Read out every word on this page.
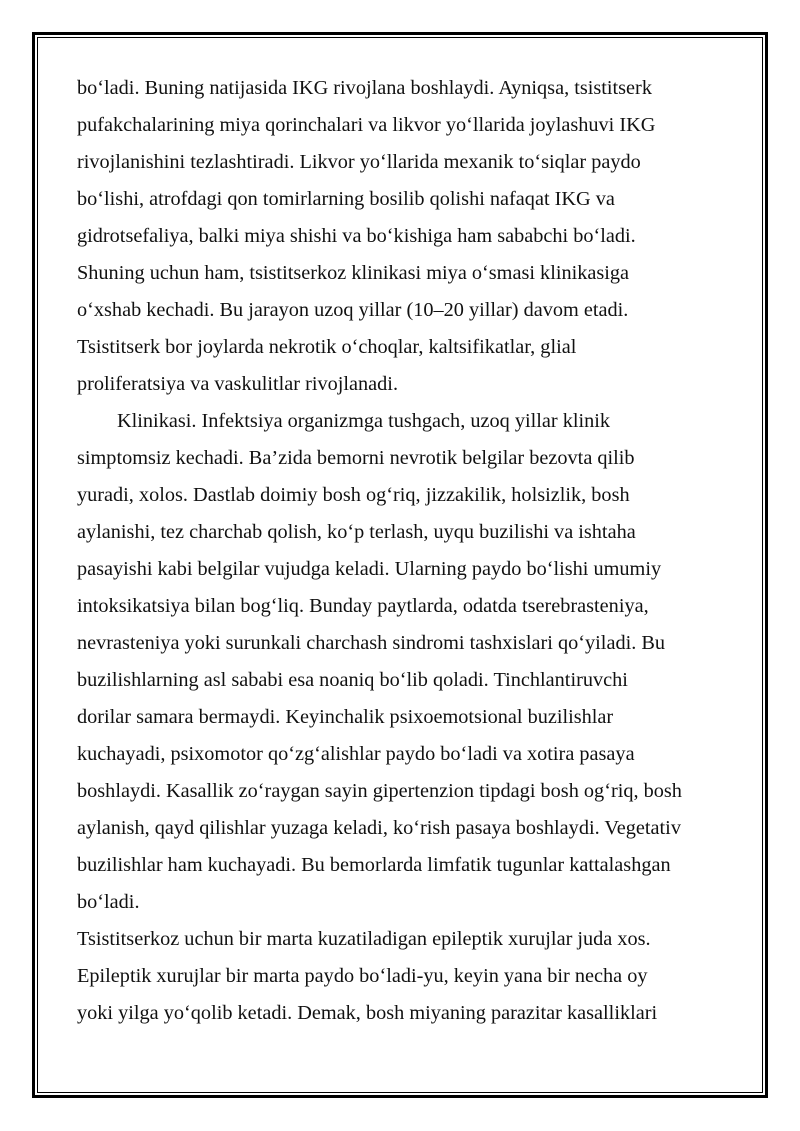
bo‘ladi. Buning natijasida IKG rivojlana boshlaydi. Ayniqsa, tsistitserk
pufakchalarining miya qorinchalari va likvor yo‘llarida joylashuvi IKG
rivojlanishini tezlashtiradi. Likvor yo‘llarida mexanik to‘siqlar paydo
bo‘lishi, atrofdagi qon tomirlarning bosilib qolishi nafaqat IKG va
gidrotsefaliya, balki miya shishi va bo‘kishiga ham sababchi bo‘ladi.
Shuning uchun ham, tsistitserkoz klinikasi miya o‘smasi klinikasiga
o‘xshab kechadi. Bu jarayon uzoq yillar (10–20 yillar) davom etadi.
Tsistitserk bor joylarda nekrotik o‘choqlar, kaltsifikatlar, glial
proliferatsiya va vaskulitlar rivojlanadi.
Klinikasi. Infektsiya organizmga tushgach, uzoq yillar klinik
simptomsiz kechadi. Ba’zida bemorni nevrotik belgilar bezovta qilib
yuradi, xolos. Dastlab doimiy bosh og‘riq, jizzakilik, holsizlik, bosh
aylanishi, tez charchab qolish, ko‘p terlash, uyqu buzilishi va ishtaha
pasayishi kabi belgilar vujudga keladi. Ularning paydo bo‘lishi umumiy
intoksikatsiya bilan bog‘liq. Bunday paytlarda, odatda tserebrasteniya,
nevrasteniya yoki surunkali charchash sindromi tashxislari qo‘yiladi. Bu
buzilishlarning asl sababi esa noaniq bo‘lib qoladi. Tinchlantiruvchi
dorilar samara bermaydi. Keyinchalik psixoemotsional buzilishlar
kuchayadi, psixomotor qo‘zg‘alishlar paydo bo‘ladi va xotira pasaya
boshlaydi. Kasallik zo‘raygan sayin gipertenzion tipdagi bosh og‘riq, bosh
aylanish, qayd qilishlar yuzaga keladi, ko‘rish pasaya boshlaydi. Vegetativ
buzilishlar ham kuchayadi. Bu bemorlarda limfatik tugunlar kattalashgan
bo‘ladi.
Tsistitserkoz uchun bir marta kuzatiladigan epileptik xurujlar juda xos.
Epileptik xurujlar bir marta paydo bo‘ladi-yu, keyin yana bir necha oy
yoki yilga yo‘qolib ketadi. Demak, bosh miyaning parazitar kasalliklari
